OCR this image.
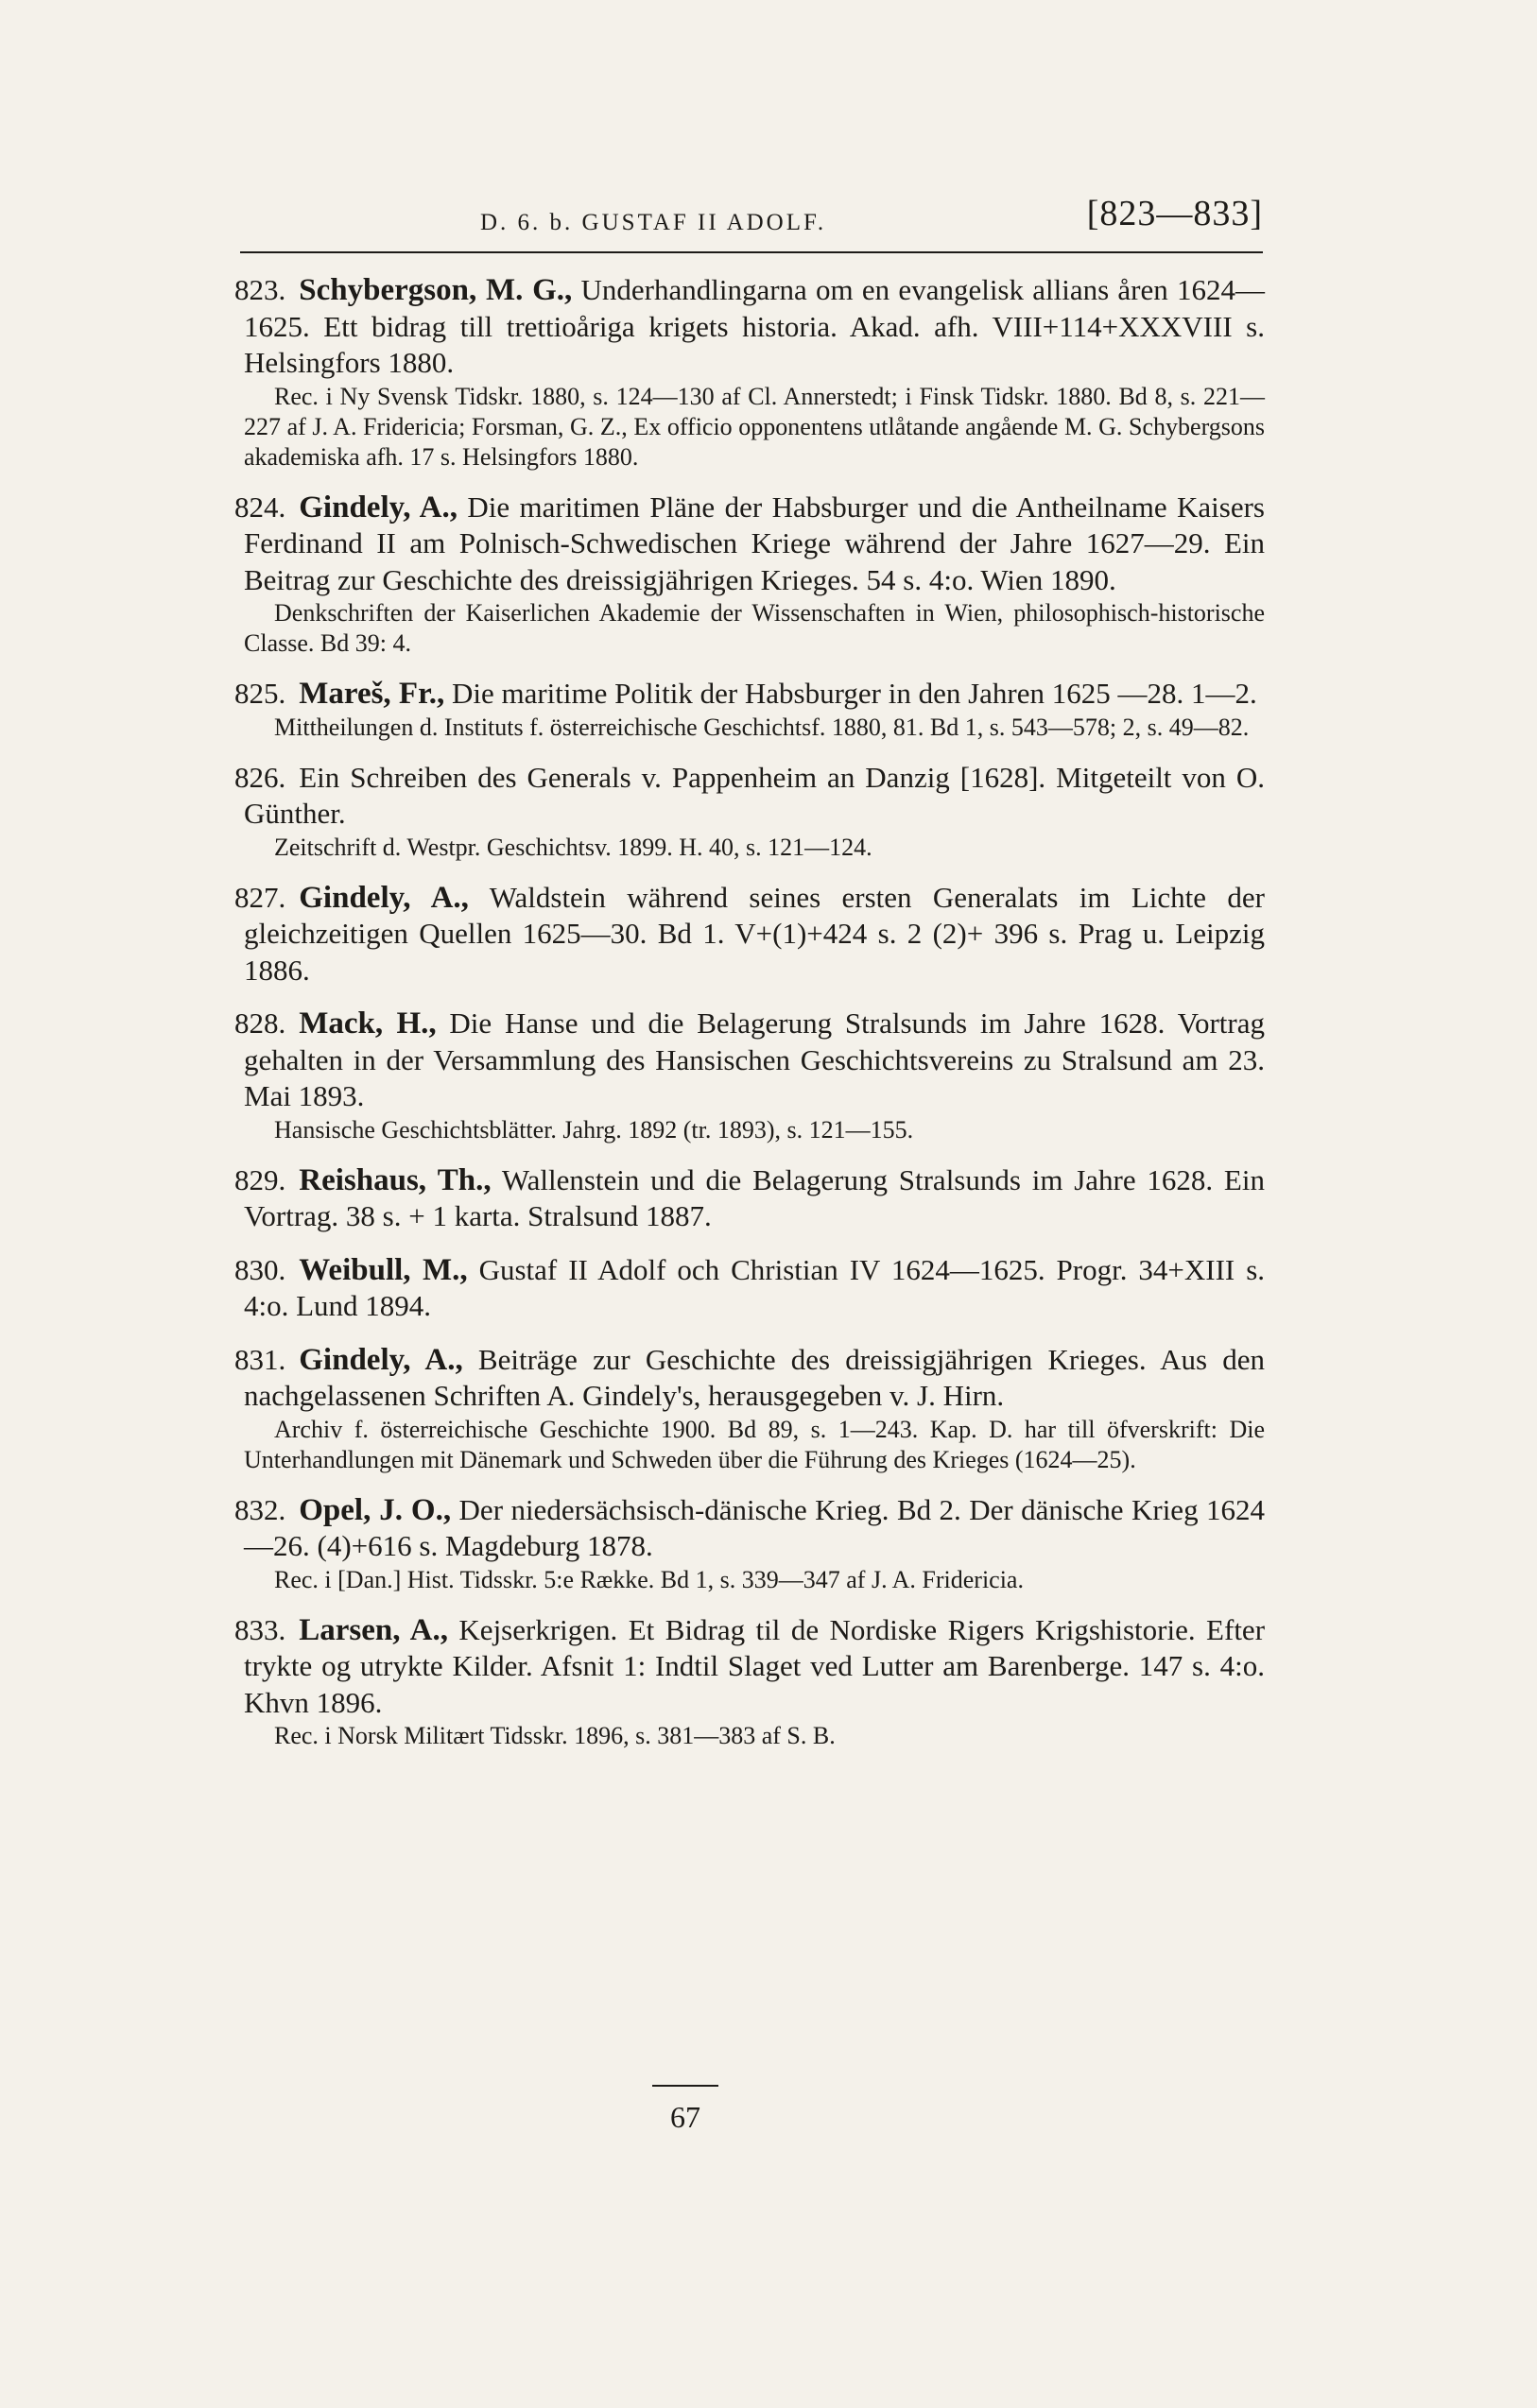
D. 6. b. GUSTAF II ADOLF.	[823—833]
823. Schybergson, M. G., Underhandlingarna om en evangelisk allians åren 1624—1625. Ett bidrag till trettioåriga krigets historia. Akad. afh. VIII+114+XXXVIII s. Helsingfors 1880.
Rec. i Ny Svensk Tidskr. 1880, s. 124—130 af Cl. Annerstedt; i Finsk Tidskr. 1880. Bd 8, s. 221—227 af J. A. Fridericia; Forsman, G. Z., Ex officio opponentens utlåtande angående M. G. Schybergsons akademiska afh. 17 s. Helsingfors 1880.
824. Gindely, A., Die maritimen Pläne der Habsburger und die Antheilname Kaisers Ferdinand II am Polnisch-Schwedischen Kriege während der Jahre 1627—29. Ein Beitrag zur Geschichte des dreissigjährigen Krieges. 54 s. 4:o. Wien 1890.
Denkschriften der Kaiserlichen Akademie der Wissenschaften in Wien, philosophisch-historische Classe. Bd 39: 4.
825. Mareš, Fr., Die maritime Politik der Habsburger in den Jahren 1625 —28. 1—2.
Mittheilungen d. Instituts f. österreichische Geschichtsf. 1880, 81. Bd 1, s. 543—578; 2, s. 49—82.
826. Ein Schreiben des Generals v. Pappenheim an Danzig [1628]. Mitgeteilt von O. Günther.
Zeitschrift d. Westpr. Geschichtsv. 1899. H. 40, s. 121—124.
827. Gindely, A., Waldstein während seines ersten Generalats im Lichte der gleichzeitigen Quellen 1625—30. Bd 1. V+(1)+424 s. 2 (2)+ 396 s. Prag u. Leipzig 1886.
828. Mack, H., Die Hanse und die Belagerung Stralsunds im Jahre 1628. Vortrag gehalten in der Versammlung des Hansischen Geschichtsvereins zu Stralsund am 23. Mai 1893.
Hansische Geschichtsblätter. Jahrg. 1892 (tr. 1893), s. 121—155.
829. Reishaus, Th., Wallenstein und die Belagerung Stralsunds im Jahre 1628. Ein Vortrag. 38 s. + 1 karta. Stralsund 1887.
830. Weibull, M., Gustaf II Adolf och Christian IV 1624—1625. Progr. 34+XIII s. 4:o. Lund 1894.
831. Gindely, A., Beiträge zur Geschichte des dreissigjährigen Krieges. Aus den nachgelassenen Schriften A. Gindely's, herausgegeben v. J. Hirn.
Archiv f. österreichische Geschichte 1900. Bd 89, s. 1—243. Kap. D. har till öfverskrift: Die Unterhandlungen mit Dänemark und Schweden über die Führung des Krieges (1624—25).
832. Opel, J. O., Der niedersächsisch-dänische Krieg. Bd 2. Der dänische Krieg 1624—26. (4)+616 s. Magdeburg 1878.
Rec. i [Dan.] Hist. Tidsskr. 5:e Række. Bd 1, s. 339—347 af J. A. Fridericia.
833. Larsen, A., Kejserkrigen. Et Bidrag til de Nordiske Rigers Krigshistorie. Efter trykte og utrykte Kilder. Afsnit 1: Indtil Slaget ved Lutter am Barenberge. 147 s. 4:o. Khvn 1896.
Rec. i Norsk Militært Tidsskr. 1896, s. 381—383 af S. B.
67
